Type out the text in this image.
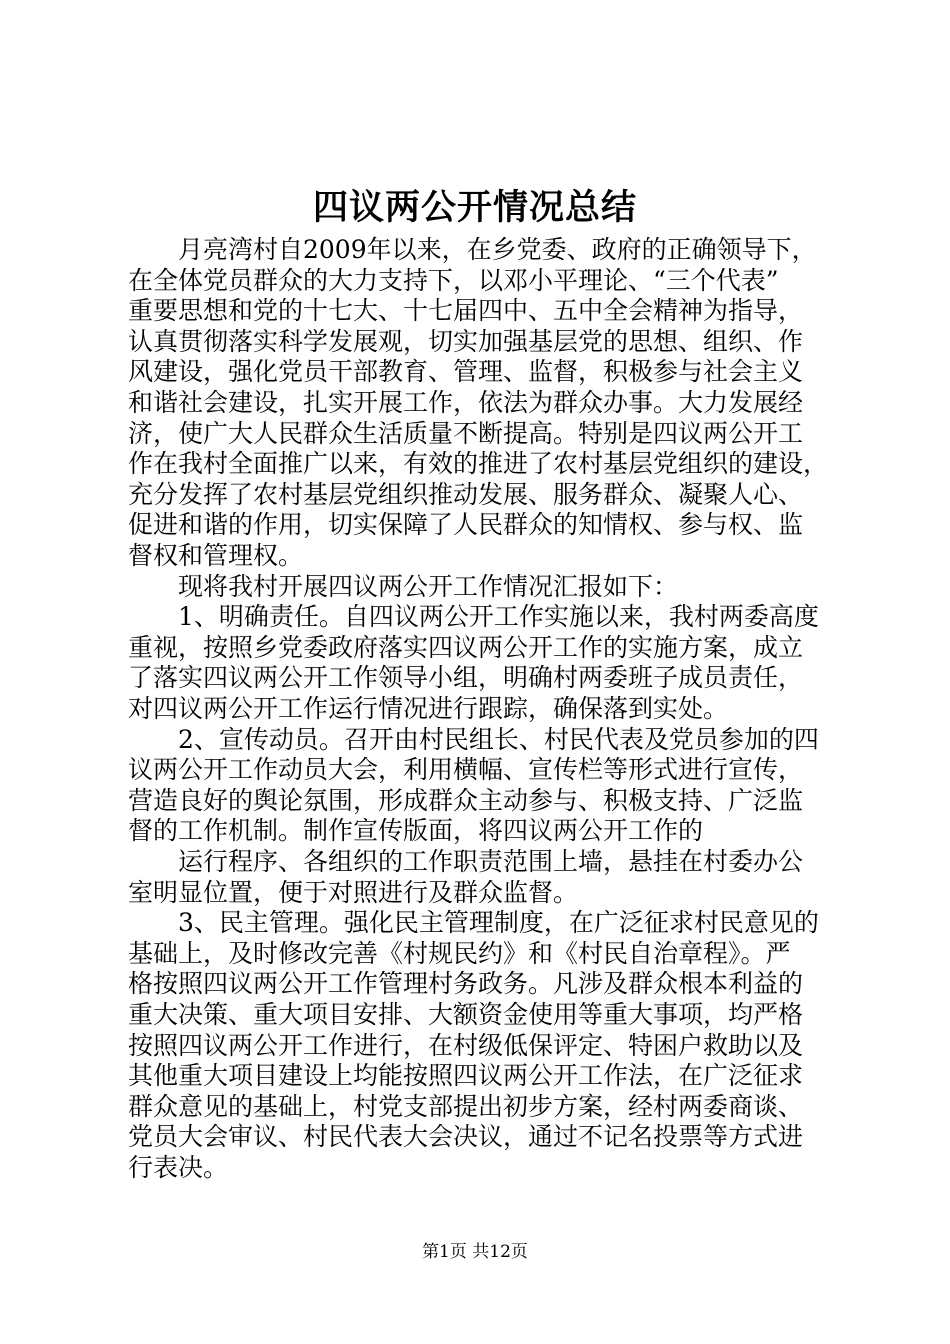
四议两公开情况总结
　　月亮湾村自2009年以来，在乡党委、政府的正确领导下，
在全体党员群众的大力支持下，以邓小平理论、“三个代表”
重要思想和党的十七大、十七届四中、五中全会精神为指导，
认真贯彻落实科学发展观，切实加强基层党的思想、组织、作
风建设，强化党员干部教育、管理、监督，积极参与社会主义
和谐社会建设，扎实开展工作，依法为群众办事。大力发展经
济，使广大人民群众生活质量不断提高。特别是四议两公开工
作在我村全面推广以来，有效的推进了农村基层党组织的建设，
充分发挥了农村基层党组织推动发展、服务群众、凝聚人心、
促进和谐的作用，切实保障了人民群众的知情权、参与权、监
督权和管理权。
　　现将我村开展四议两公开工作情况汇报如下：
　　1、明确责任。自四议两公开工作实施以来，我村两委高度
重视，按照乡党委政府落实四议两公开工作的实施方案，成立
了落实四议两公开工作领导小组，明确村两委班子成员责任，
对四议两公开工作运行情况进行跟踪，确保落到实处。
　　2、宣传动员。召开由村民组长、村民代表及党员参加的四
议两公开工作动员大会，利用横幅、宣传栏等形式进行宣传，
营造良好的舆论氛围，形成群众主动参与、积极支持、广泛监
督的工作机制。制作宣传版面，将四议两公开工作的
　　运行程序、各组织的工作职责范围上墙，悬挂在村委办公
室明显位置，便于对照进行及群众监督。
　　3、民主管理。强化民主管理制度，在广泛征求村民意见的
基础上，及时修改完善《村规民约》和《村民自治章程》。严
格按照四议两公开工作管理村务政务。凡涉及群众根本利益的
重大决策、重大项目安排、大额资金使用等重大事项，均严格
按照四议两公开工作进行，在村级低保评定、特困户救助以及
其他重大项目建设上均能按照四议两公开工作法，在广泛征求
群众意见的基础上，村党支部提出初步方案，经村两委商谈、
党员大会审议、村民代表大会决议，通过不记名投票等方式进
行表决。
第1页 共12页
